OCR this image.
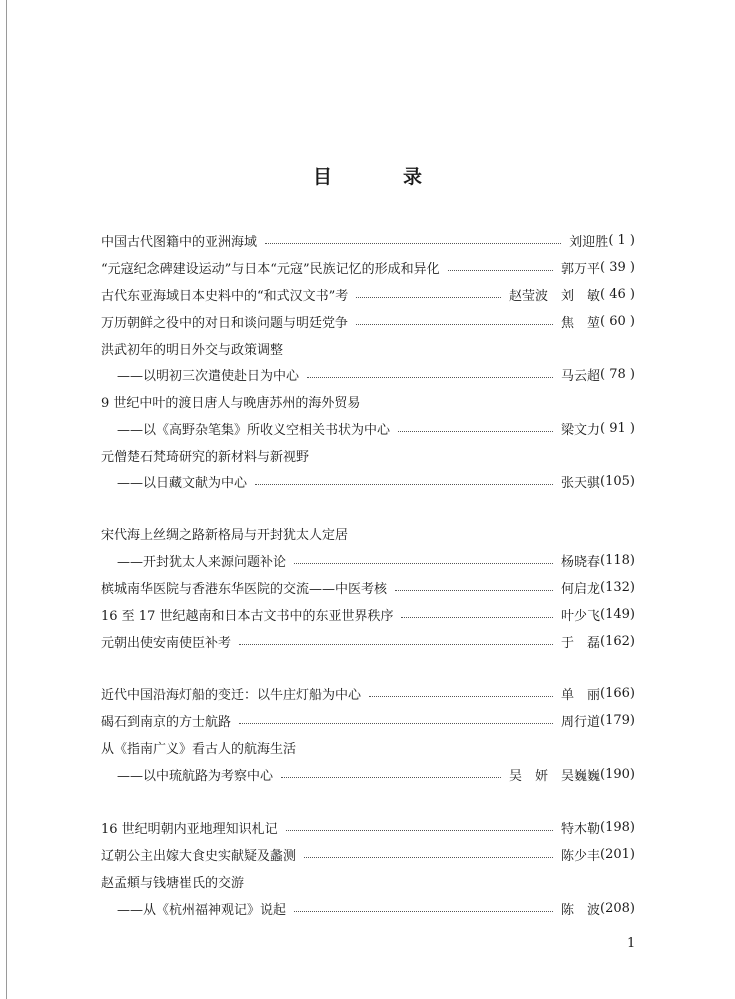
目　录
中国古代图籍中的亚洲海域	刘迎胜 ( 1 )
“元寇纪念碑建设运动”与日本“元寇”民族记忆的形成和异化	郭万平 ( 39 )
古代东亚海域日本史料中的“和式汉文书”考	赵莹波　刘　敏 ( 46 )
万历朝鲜之役中的对日和谈问题与明廷党争	焦　堃 ( 60 )
洪武初年的明日外交与政策调整
——以明初三次遣使赴日为中心	马云超 ( 78 )
9 世纪中叶的渡日唐人与晚唐苏州的海外贸易
——以《高野杂笔集》所收义空相关书状为中心	梁文力 ( 91 )
元僧楚石梵琦研究的新材料与新视野
——以日藏文献为中心	张天骐 (105)
宋代海上丝绸之路新格局与开封犹太人定居
——开封犹太人来源问题补论	杨晓春 (118)
槟城南华医院与香港东华医院的交流——中医考核	何启龙 (132)
16 至 17 世纪越南和日本古文书中的东亚世界秩序	叶少飞 (149)
元朝出使安南使臣补考	于　磊 (162)
近代中国沿海灯船的变迁：以牛庄灯船为中心	单　丽 (166)
碣石到南京的方士航路	周行道 (179)
从《指南广义》看古人的航海生活
——以中琉航路为考察中心	吴　妍　吴巍巍 (190)
16 世纪明朝内亚地理知识札记	特木勒 (198)
辽朝公主出嫁大食史实献疑及蠡测	陈少丰 (201)
赵孟頫与钱塘崔氏的交游
——从《杭州福神观记》说起	陈　波 (208)
1
